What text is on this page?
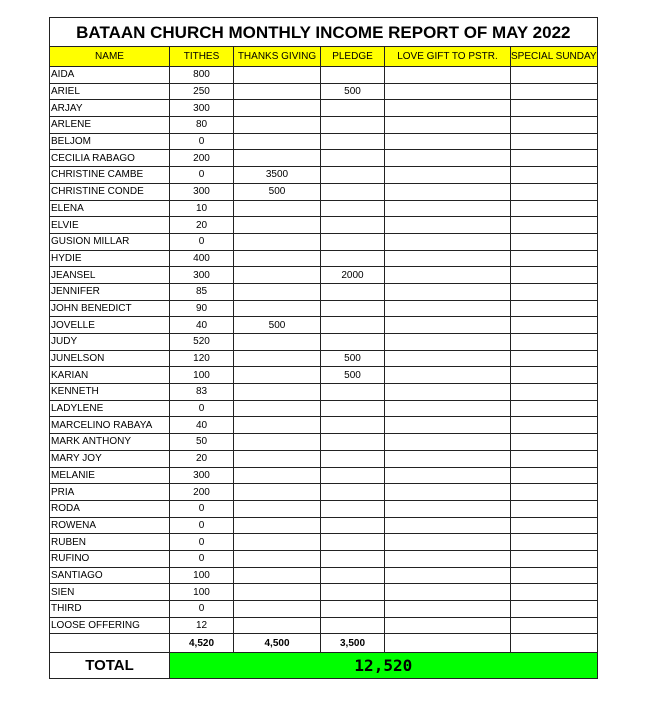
BATAAN CHURCH MONTHLY INCOME REPORT OF MAY 2022					
NAME	TITHES	THANKS GIVING	PLEDGE	LOVE GIFT TO PSTR.	SPECIAL SUNDAY
AIDA	800				
ARIEL	250		500		
ARJAY	300				
ARLENE	80				
BELJOM	0				
CECILIA RABAGO	200				
CHRISTINE CAMBE	0	3500			
CHRISTINE CONDE	300	500			
ELENA	10				
ELVIE	20				
GUSION MILLAR	0				
HYDIE	400				
JEANSEL	300		2000		
JENNIFER	85				
JOHN BENEDICT	90				
JOVELLE	40	500			
JUDY	520				
JUNELSON	120		500		
KARIAN	100		500		
KENNETH	83				
LADYLENE	0				
MARCELINO RABAYA	40				
MARK ANTHONY	50				
MARY JOY	20				
MELANIE	300				
PRIA	200				
RODA	0				
ROWENA	0				
RUBEN	0				
RUFINO	0				
SANTIAGO	100				
SIEN	100				
THIRD	0				
LOOSE OFFERING	12				
	4,520	4,500	3,500		
TOTAL	12,520				
